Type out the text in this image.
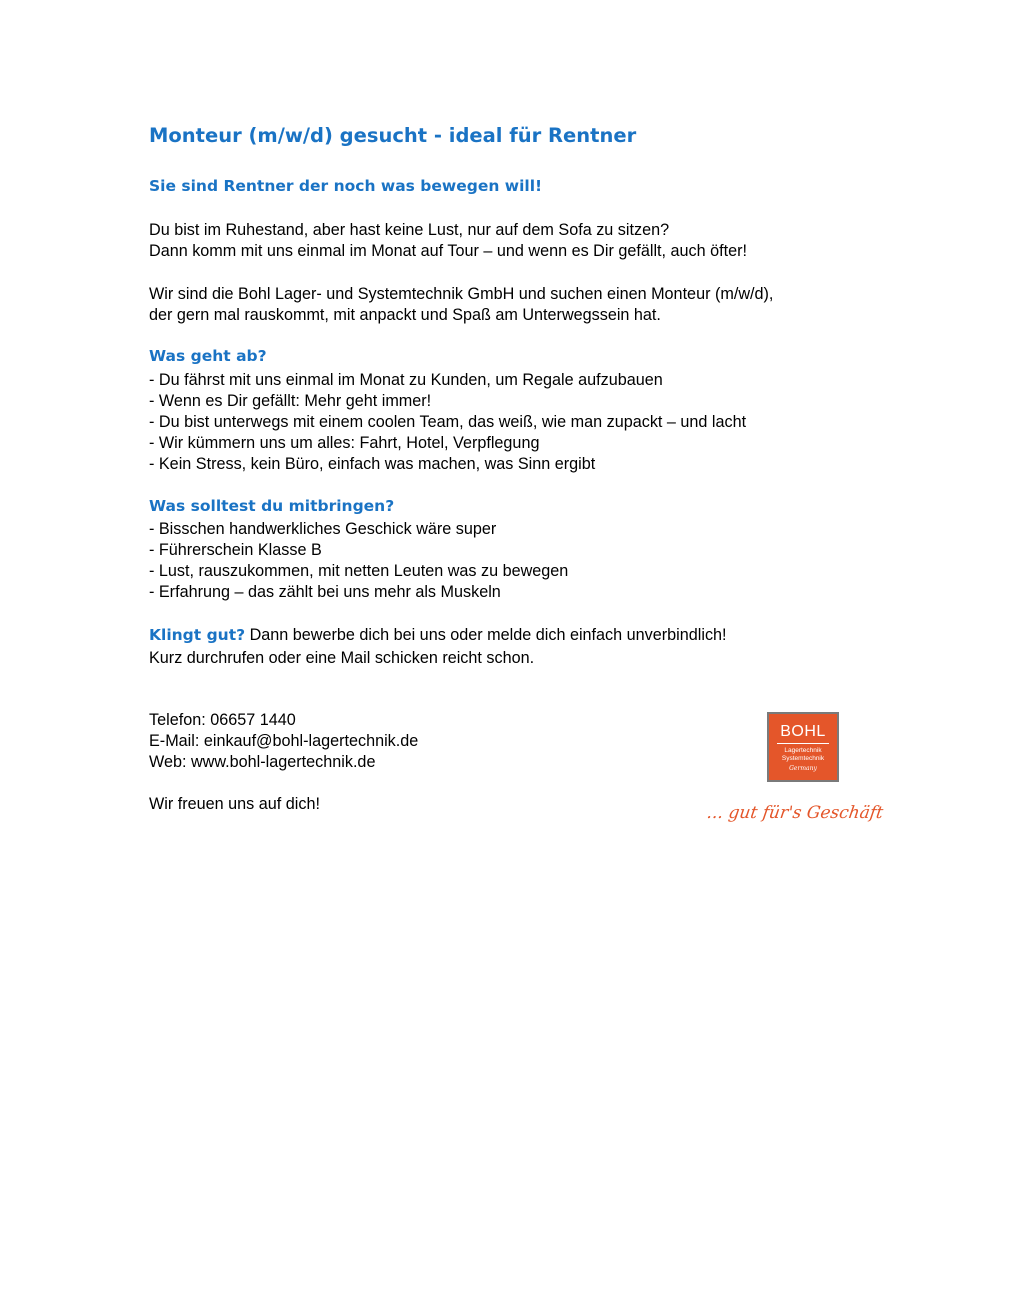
Monteur (m/w/d) gesucht - ideal für Rentner
Sie sind Rentner der noch was bewegen will!
Du bist im Ruhestand, aber hast keine Lust, nur auf dem Sofa zu sitzen?
Dann komm mit uns einmal im Monat auf Tour – und wenn es Dir gefällt, auch öfter!
Wir sind die Bohl Lager- und Systemtechnik GmbH und suchen einen Monteur (m/w/d),
der gern mal rauskommt, mit anpackt und Spaß am Unterwegssein hat.
Was geht ab?
- Du fährst mit uns einmal im Monat zu Kunden, um Regale aufzubauen
- Wenn es Dir gefällt: Mehr geht immer!
- Du bist unterwegs mit einem coolen Team, das weiß, wie man zupackt – und lacht
- Wir kümmern uns um alles: Fahrt, Hotel, Verpflegung
- Kein Stress, kein Büro, einfach was machen, was Sinn ergibt
Was solltest du mitbringen?
- Bisschen handwerkliches Geschick wäre super
- Führerschein Klasse B
- Lust, rauszukommen, mit netten Leuten was zu bewegen
- Erfahrung – das zählt bei uns mehr als Muskeln
Klingt gut? Dann bewerbe dich bei uns oder melde dich einfach unverbindlich!
Kurz durchrufen oder eine Mail schicken reicht schon.
Telefon: 06657 1440
E-Mail: einkauf@bohl-lagertechnik.de
Web: www.bohl-lagertechnik.de
Wir freuen uns auf dich!
BOHL
Lagertechnik
Systemtechnik
Germany
... gut für's Geschäft
